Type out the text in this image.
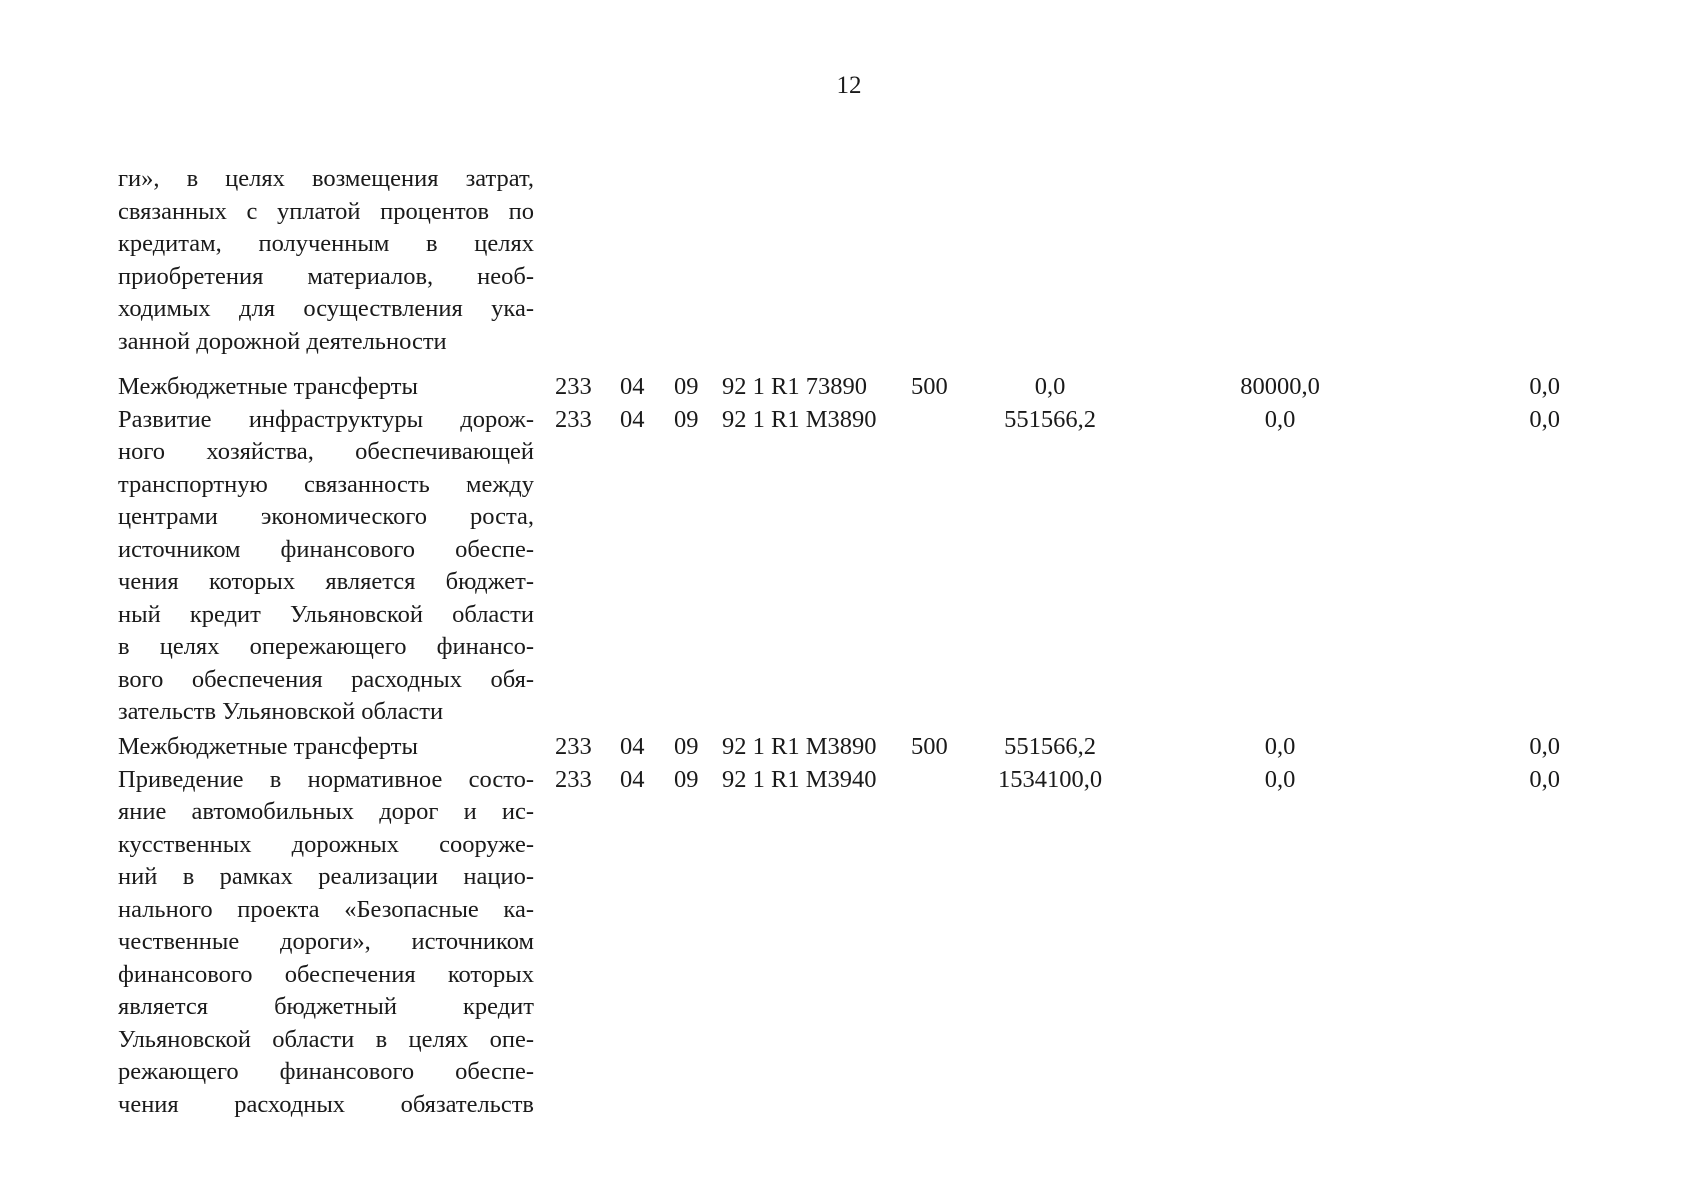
12
ги», в целях возмещения затрат,
связанных с уплатой процентов по
кредитам, полученным в целях
приобретения материалов, необ-
ходимых для осуществления ука-
занной дорожной деятельности
Межбюджетные трансферты	233 04 09 92 1 R1 73890 500	0,0	80000,0	0,0
Развитие инфраструктуры дорож-
ного хозяйства, обеспечивающей
транспортную связанность между
центрами экономического роста,
источником финансового обеспе-
чения которых является бюджет-
ный кредит Ульяновской области
в целях опережающего финансо-
вого обеспечения расходных обя-
зательств Ульяновской области
233 04 09 92 1 R1 M3890	551566,2	0,0	0,0
Межбюджетные трансферты	233 04 09 92 1 R1 M3890 500	551566,2	0,0	0,0
Приведение в нормативное состо-
яние автомобильных дорог и ис-
кусственных дорожных сооруже-
ний в рамках реализации нацио-
нального проекта «Безопасные ка-
чественные дороги», источником
финансового обеспечения которых
является бюджетный кредит
Ульяновской области в целях опе-
режающего финансового обеспе-
чения расходных обязательств
233 04 09 92 1 R1 M3940	1534100,0	0,0	0,0
